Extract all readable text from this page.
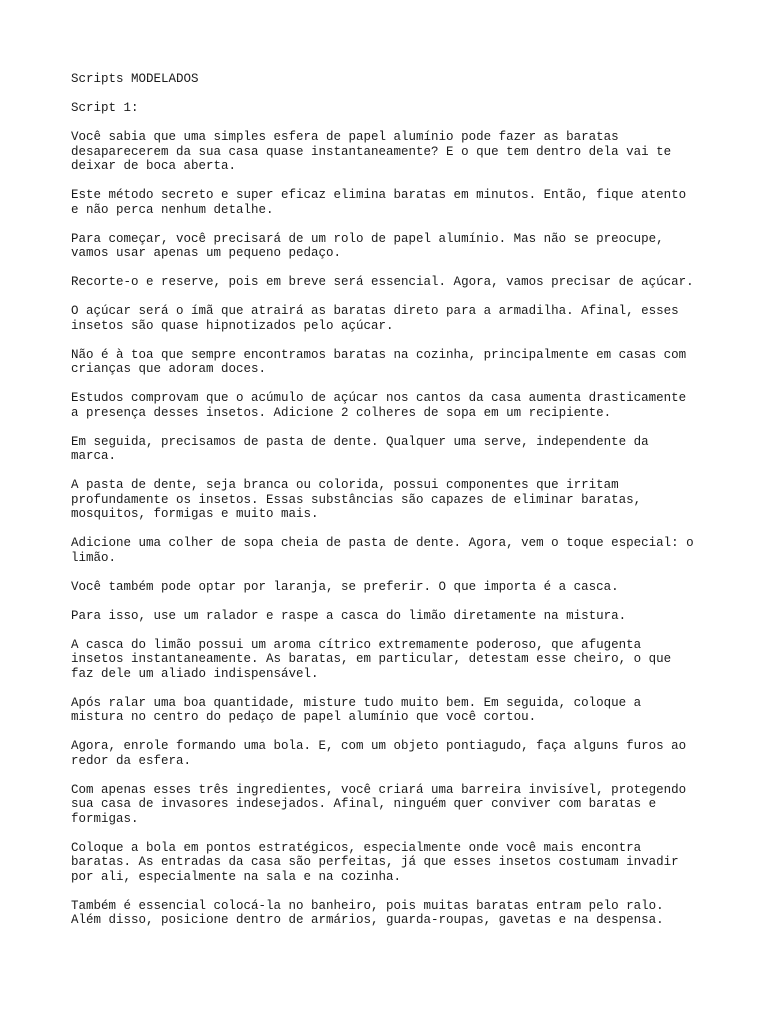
Scripts MODELADOS

Script 1:

Você sabia que uma simples esfera de papel alumínio pode fazer as baratas
desaparecerem da sua casa quase instantaneamente? E o que tem dentro dela vai te
deixar de boca aberta.

Este método secreto e super eficaz elimina baratas em minutos. Então, fique atento
e não perca nenhum detalhe.

Para começar, você precisará de um rolo de papel alumínio. Mas não se preocupe,
vamos usar apenas um pequeno pedaço.

Recorte-o e reserve, pois em breve será essencial. Agora, vamos precisar de açúcar.

O açúcar será o ímã que atrairá as baratas direto para a armadilha. Afinal, esses
insetos são quase hipnotizados pelo açúcar.

Não é à toa que sempre encontramos baratas na cozinha, principalmente em casas com
crianças que adoram doces.

Estudos comprovam que o acúmulo de açúcar nos cantos da casa aumenta drasticamente
a presença desses insetos. Adicione 2 colheres de sopa em um recipiente.

Em seguida, precisamos de pasta de dente. Qualquer uma serve, independente da
marca.

A pasta de dente, seja branca ou colorida, possui componentes que irritam
profundamente os insetos. Essas substâncias são capazes de eliminar baratas,
mosquitos, formigas e muito mais.

Adicione uma colher de sopa cheia de pasta de dente. Agora, vem o toque especial: o
limão.

Você também pode optar por laranja, se preferir. O que importa é a casca.

Para isso, use um ralador e raspe a casca do limão diretamente na mistura.

A casca do limão possui um aroma cítrico extremamente poderoso, que afugenta
insetos instantaneamente. As baratas, em particular, detestam esse cheiro, o que
faz dele um aliado indispensável.

Após ralar uma boa quantidade, misture tudo muito bem. Em seguida, coloque a
mistura no centro do pedaço de papel alumínio que você cortou.

Agora, enrole formando uma bola. E, com um objeto pontiagudo, faça alguns furos ao
redor da esfera.

Com apenas esses três ingredientes, você criará uma barreira invisível, protegendo
sua casa de invasores indesejados. Afinal, ninguém quer conviver com baratas e
formigas.

Coloque a bola em pontos estratégicos, especialmente onde você mais encontra
baratas. As entradas da casa são perfeitas, já que esses insetos costumam invadir
por ali, especialmente na sala e na cozinha.

Também é essencial colocá-la no banheiro, pois muitas baratas entram pelo ralo.
Além disso, posicione dentro de armários, guarda-roupas, gavetas e na despensa.
